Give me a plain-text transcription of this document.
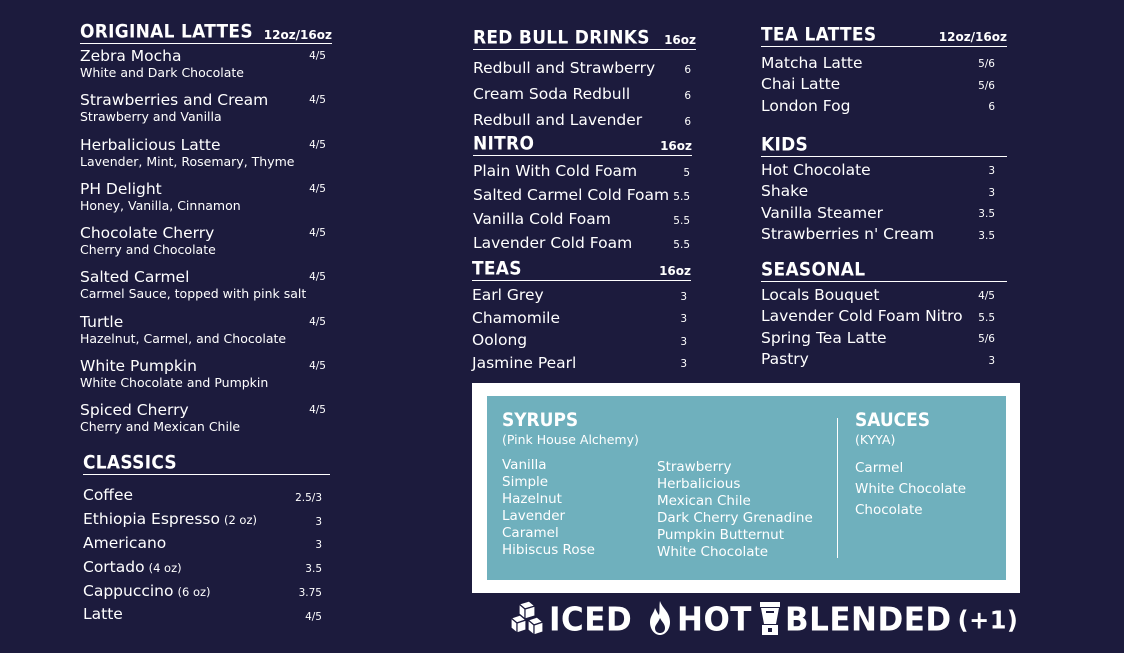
ORIGINAL LATTES 12oz/16oz
Zebra Mocha
White and Dark Chocolate
4/5
Strawberries and Cream
Strawberry and Vanilla
4/5
Herbalicious Latte
Lavender, Mint, Rosemary, Thyme
4/5
PH Delight
Honey, Vanilla, Cinnamon
4/5
Chocolate Cherry
Cherry and Chocolate
4/5
Salted Carmel
Carmel Sauce, topped with pink salt
4/5
Turtle
Hazelnut, Carmel, and Chocolate
4/5
White Pumpkin
White Chocolate and Pumpkin
4/5
Spiced Cherry
Cherry and Mexican Chile
4/5
CLASSICS
Coffee	2.5/3
Ethiopia Espresso (2 oz)	3
Americano	3
Cortado (4 oz)	3.5
Cappuccino (6 oz)	3.75
Latte	4/5
RED BULL DRINKS 16oz
Redbull and Strawberry	6
Cream Soda Redbull	6
Redbull and Lavender	6
NITRO	16oz
Plain With Cold Foam	5
Salted Carmel Cold Foam 5.5
Vanilla Cold Foam	5.5
Lavender Cold Foam	5.5
TEAS	16oz
Earl Grey	3
Chamomile	3
Oolong	3
Jasmine Pearl	3
TEA LATTES	12oz/16oz
Matcha Latte	5/6
Chai Latte	5/6
London Fog	6
KIDS
Hot Chocolate	3
Shake	3
Vanilla Steamer	3.5
Strawberries n' Cream	3.5
SEASONAL
Locals Bouquet	4/5
Lavender Cold Foam Nitro 5.5
Spring Tea Latte	5/6
Pastry	3
SYRUPS
(Pink House Alchemy)
Vanilla
Simple
Hazelnut
Lavender
Caramel
Hibiscus Rose
Strawberry
Herbalicious
Mexican Chile
Dark Cherry Grenadine
Pumpkin Butternut
White Chocolate
SAUCES
(KYYA)
Carmel
White Chocolate
Chocolate
ICED HOT BLENDED (+1)
